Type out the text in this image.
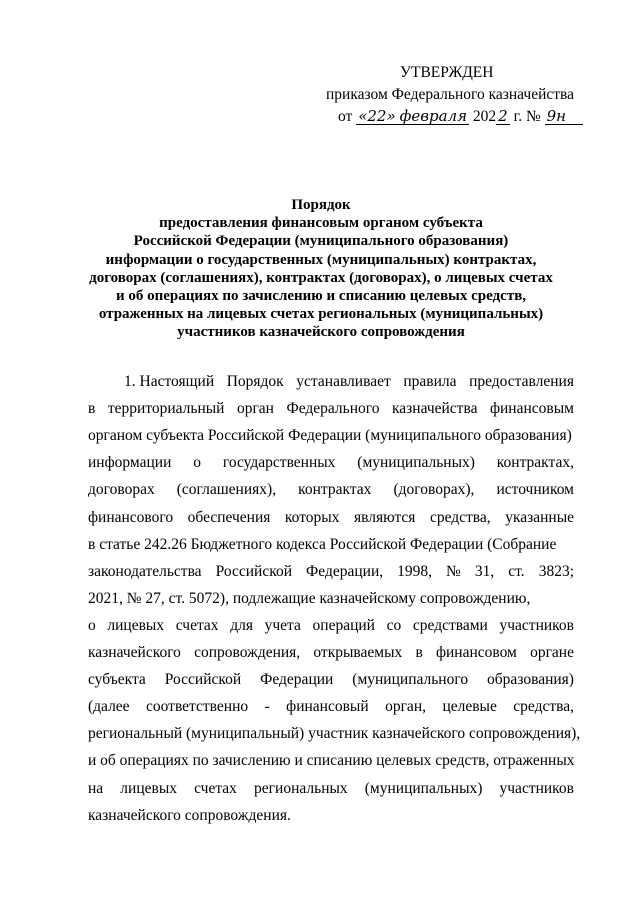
УТВЕРЖДЕН
приказом Федерального казначейства
от «22» февраля 202 2 г. № 9н
Порядок
предоставления финансовым органом субъекта
Российской Федерации (муниципального образования)
информации о государственных (муниципальных) контрактах,
договорах (соглашениях), контрактах (договорах), о лицевых счетах
и об операциях по зачислению и списанию целевых средств,
отраженных на лицевых счетах региональных (муниципальных)
участников казначейского сопровождения
1. Настоящий Порядок устанавливает правила предоставления
в территориальный орган Федерального казначейства финансовым
органом субъекта Российской Федерации (муниципального образования)
информации о государственных (муниципальных) контрактах,
договорах (соглашениях), контрактах (договорах), источником
финансового обеспечения которых являются средства, указанные
в статье 242.26 Бюджетного кодекса Российской Федерации (Собрание
законодательства Российской Федерации, 1998, № 31, ст. 3823;
2021, № 27, ст. 5072), подлежащие казначейскому сопровождению,
о лицевых счетах для учета операций со средствами участников
казначейского сопровождения, открываемых в финансовом органе
субъекта Российской Федерации (муниципального образования)
(далее соответственно - финансовый орган, целевые средства,
региональный (муниципальный) участник казначейского сопровождения),
и об операциях по зачислению и списанию целевых средств, отраженных
на лицевых счетах региональных (муниципальных) участников
казначейского сопровождения.
